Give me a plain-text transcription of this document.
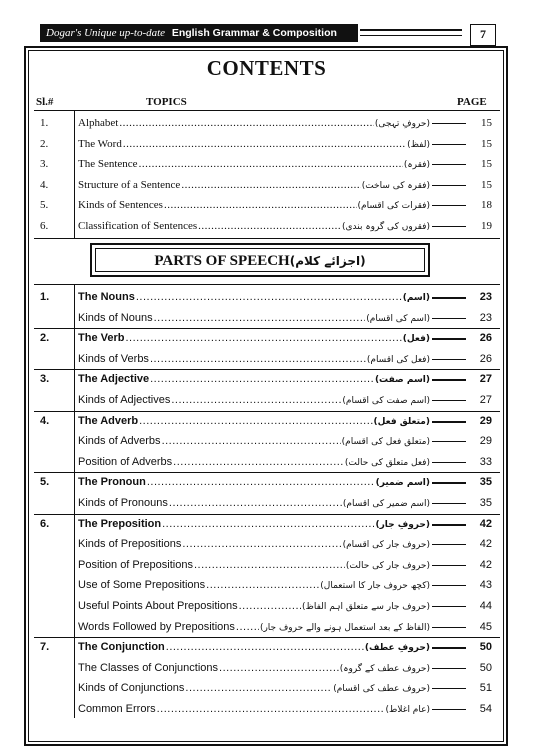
Dogar's Unique up-to-date English Grammar & Composition	7
CONTENTS
Sl.#	TOPICS	PAGE
1.	Alphabet .....	(حروفِ تہجی)	15
2.	The Word .....	(لفظ)	15
3.	The Sentence .....	(فقرہ)	15
4.	Structure of a Sentence .....	(فقرہ کی ساخت)	15
5.	Kinds of Sentences .....	(فقرات کی اقسام)	18
6.	Classification of Sentences .....	(فقروں کی گروہ بندی)	19
PARTS OF SPEECH(اجزائے کلام)
1.	The Nouns .....	(اسم)	23
Kinds of Nouns .....	(اسم کی اقسام)	23
2.	The Verb .....	(فعل)	26
Kinds of Verbs .....	(فعل کی اقسام)	26
3.	The Adjective .....	(اسم صفت)	27
Kinds of Adjectives .....	(اسم صفت کی اقسام)	27
4.	The Adverb .....	(متعلق فعل)	29
Kinds of Adverbs .....	(متعلق فعل کی اقسام)	29
Position of Adverbs .....	(فعل متعلق کی حالت)	33
5.	The Pronoun .....	(اسم ضمیر)	35
Kinds of Pronouns .....	(اسم ضمیر کی اقسام)	35
6.	The Preposition .....	(حروفِ جار)	42
Kinds of Prepositions .....	(حروف جار کی اقسام)	42
Position of Prepositions .....	(حروف جار کی حالت)	42
Use of Some Prepositions .....	(کچھ حروف جار کا استعمال)	43
Useful Points About Prepositions .....	(حروف جار سے متعلق اہم الفاظ)	44
Words Followed by Prepositions .....	(الفاظ کے بعد استعمال ہونے والے حروف جار)	45
7.	The Conjunction .....	(حروفِ عطف)	50
The Classes of Conjunctions .....	(حروف عطف کے گروہ)	50
Kinds of Conjunctions .....	(حروف عطف کی اقسام)	51
Common Errors .....	(عام اغلاط)	54
